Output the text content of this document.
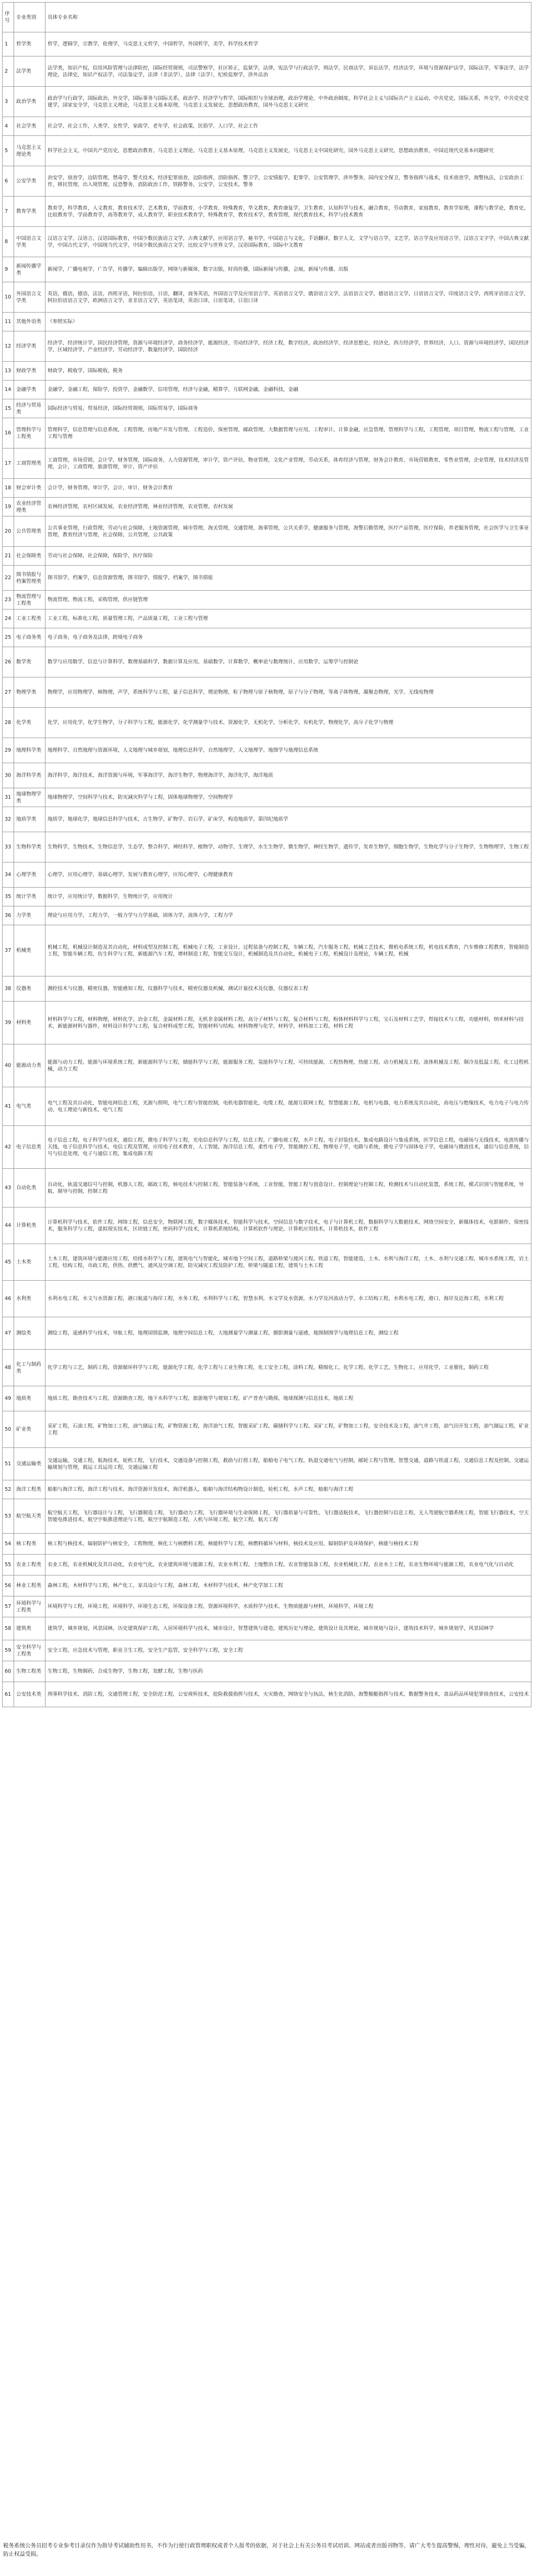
序号	专业类别	具体专业名称
1	哲学类	哲学，逻辑学，宗教学，伦理学，马克思主义哲学，中国哲学，外国哲学，美学，科学技术哲学
2	法学类	法学类，知识产权，信用风险管理与法律防控，国际经贸规则，司法警察学，社区矫正，监狱学，法律，宪法学与行政法学，刑法学，民商法学，诉讼法学，经济法学，环境与资源保护法学，国际法学，军事法学，法学理论，法律史，知识产权法学，司法鉴定学，法律（非法学），法律（法学），纪检监察学，涉外法治
3	政治学类	政治学与行政学，国际政治，外交学，国际事务与国际关系，政治学、经济学与哲学，国际组织与全球治理，政治学理论，中外政治制度，科学社会主义与国际共产主义运动，中共党史，国际关系，外交学，中共党史党建学，国家安全学，马克思主义理论，马克思主义基本原理，马克思主义发展史，思想政治教育，国外马克思主义研究
4	社会学类	社会学，社会工作，人类学，女性学，家政学，老年学，社会政策，民俗学，人口学，社会工作
5	马克思主义理论类	科学社会主义，中国共产党历史，思想政治教育，马克思主义理论，马克思主义基本原理，马克思主义发展史，马克思主义中国化研究，国外马克思主义研究，思想政治教育，中国近现代史基本问题研究
6	公安学类	治安学，侦查学，边防管理，禁毒学，警犬技术，经济犯罪侦查，边防指挥，消防指挥，警卫学，公安情报学，犯罪学，公安管理学，涉外警务，国内安全保卫，警务指挥与战术，技术侦查学，海警执法，公安政治工作，移民管理，出入境管理，反恐警务，消防政治工作，铁路警务，公安学，公安技术，警务
7	教育学类	教育学，科学教育，人文教育，教育技术学，艺术教育，学前教育，小学教育，特殊教育，华文教育，教育康复学，卫生教育，认知科学与技术，融合教育，劳动教育，家庭教育，教育学原理，课程与教学论，教育史，比较教育学，学前教育学，高等教育学，成人教育学，职业技术教育学，特殊教育学，教育技术学，教育管理，现代教育技术，科学与技术教育
8	中国语言文学类	汉语言文学，汉语言，汉语国际教育，中国少数民族语言文学，古典文献学，应用语言学，秘书学，中国语言与文化，手语翻译，数字人文，文学与语言学，文艺学，语言学及应用语言学，汉语言文字学，中国古典文献学，中国古代文学，中国现当代文学，中国少数民族语言文学，比较文学与世界文学，汉语国际教育，国际中文教育
9	新闻传播学类	新闻学，广播电视学，广告学，传播学，编辑出版学，网络与新媒体，数字出版，时尚传播，国际新闻与传播，会展，新闻与传播，出版
10	外国语言文学类	英语，俄语，德语，法语，西班牙语，阿拉伯语，日语，翻译，商务英语，外国语言学及应用语言学，英语语言文学，俄语语言文学，法语语言文学，德语语言文学，日语语言文学，印度语言文学，西班牙语语言文学，阿拉伯语语言文学，欧洲语言文学，亚非语言文学，英语笔译，英语口译，日语笔译，日语口译
11	其他外语类	（参照实际）
12	经济学类	经济学，经济统计学，国民经济管理，资源与环境经济学，商务经济学，能源经济，劳动经济学，经济工程，数字经济，政治经济学，经济思想史，经济史，西方经济学，世界经济，人口、资源与环境经济学，国民经济学，区域经济学，产业经济学，劳动经济学，数量经济学，国防经济
13	财政学类	财政学，税收学，国际税收，税务
14	金融学类	金融学，金融工程，保险学，投资学，金融数学，信用管理，经济与金融，精算学，互联网金融，金融科技，金融
15	经济与贸易类	国际经济与贸易，贸易经济，国际经贸规则，国际贸易学，国际商务
16	管理科学与工程类	管理科学，信息管理与信息系统，工程管理，房地产开发与管理，工程造价，保密管理，邮政管理，大数据管理与应用，工程审计，计算金融，应急管理，管理科学与工程，工程管理，项目管理，物流工程与管理，工业工程与管理
17	工商管理类	工商管理，市场营销，会计学，财务管理，国际商务，人力资源管理，审计学，资产评估，物业管理，文化产业管理，劳动关系，体育经济与管理，财务会计教育，市场营销教育，零售业管理，企业管理，技术经济及管理，会计，工商管理，旅游管理，审计，资产评估
18	财会审计类	会计学，财务管理，审计学，会计，审计，财务会计教育
19	农业经济管理类	农林经济管理，农村区域发展，农业经济管理，林业经济管理，农业管理，农村发展
20	公共管理类	公共事业管理，行政管理，劳动与社会保障，土地资源管理，城市管理，海关管理，交通管理，海事管理，公共关系学，健康服务与管理，海警后勤管理，医疗产品管理，医疗保险，养老服务管理，社会医学与卫生事业管理，教育经济与管理，社会保障，公共管理，公共政策
21	社会保障类	劳动与社会保障，社会保障，保险学，医疗保险
22	图书情报与档案管理类	图书馆学，档案学，信息资源管理，图书馆学，情报学，档案学，图书情报
23	物流管理与工程类	物流管理，物流工程，采购管理，供应链管理
24	工业工程类	工业工程，标准化工程，质量管理工程，产品质量工程，工业工程与管理
25	电子商务类	电子商务，电子商务及法律，跨境电子商务
26	数学类	数学与应用数学，信息与计算科学，数理基础科学，数据计算及应用，基础数学，计算数学，概率论与数理统计，应用数学，运筹学与控制论
27	物理学类	物理学，应用物理学，核物理，声学，系统科学与工程，量子信息科学，理论物理，粒子物理与原子核物理，原子与分子物理，等离子体物理，凝聚态物理，光学，无线电物理
28	化学类	化学，应用化学，化学生物学，分子科学与工程，能源化学，化学测量学与技术，资源化学，无机化学，分析化学，有机化学，物理化学，高分子化学与物理
29	地理科学类	地理科学，自然地理与资源环境，人文地理与城乡规划，地理信息科学，自然地理学，人文地理学，地图学与地理信息系统
30	海洋科学类	海洋科学，海洋技术，海洋资源与环境，军事海洋学，海洋生物学，物理海洋学，海洋化学，海洋地质
31	地球物理学类	地球物理学，空间科学与技术，防灾减灾科学与工程，固体地球物理学，空间物理学
32	地质学类	地质学，地球化学，地球信息科学与技术，古生物学，矿物学、岩石学、矿床学，构造地质学，第四纪地质学
33	生物科学类	生物科学，生物技术，生物信息学，生态学，整合科学，神经科学，植物学，动物学，生理学，水生生物学，微生物学，神经生物学，遗传学，发育生物学，细胞生物学，生物化学与分子生物学，生物物理学，生物工程
34	心理学类	心理学，应用心理学，基础心理学，发展与教育心理学，应用心理学，心理健康教育
35	统计学类	统计学，应用统计学，数据科学，生物统计学，应用统计
36	力学类	理论与应用力学，工程力学，一般力学与力学基础，固体力学，流体力学，工程力学
37	机械类	机械工程，机械设计制造及其自动化，材料成型及控制工程，机械电子工程，工业设计，过程装备与控制工程，车辆工程，汽车服务工程，机械工艺技术，微机电系统工程，机电技术教育，汽车维修工程教育，智能制造工程，智能车辆工程，仿生科学与工程，新能源汽车工程，增材制造工程，智能交互设计，机械制造及其自动化，机械电子工程，机械设计及理论，车辆工程，机械
38	仪器类	测控技术与仪器，精密仪器，智能感知工程，仪器科学与技术，精密仪器及机械，测试计量技术及仪器，仪器仪表工程
39	材料类	材料科学与工程，材料物理，材料化学，冶金工程，金属材料工程，无机非金属材料工程，高分子材料与工程，复合材料与工程，粉体材料科学与工程，宝石及材料工艺学，焊接技术与工程，功能材料，纳米材料与技术，新能源材料与器件，材料设计科学与工程，复合材料成型工程，智能材料与结构，材料物理与化学，材料学，材料加工工程，材料工程
40	能源动力类	能源与动力工程，能源与环境系统工程，新能源科学与工程，储能科学与工程，能源服务工程，氢能科学与工程，可持续能源，工程热物理，热能工程，动力机械及工程，流体机械及工程，制冷及低温工程，化工过程机械，动力工程
41	电气类	电气工程及其自动化，智能电网信息工程，光源与照明，电气工程与智能控制，电机电器智能化，电缆工程，能源互联网工程，智慧能源工程，电机与电器，电力系统及其自动化，高电压与绝缘技术，电力电子与电力传动，电工理论与新技术，电气工程
42	电子信息类	电子信息工程，电子科学与技术，通信工程，微电子科学与工程，光电信息科学与工程，信息工程，广播电视工程，水声工程，电子封装技术，集成电路设计与集成系统，医学信息工程，电磁场与无线技术，电波传播与天线，电子信息科学与技术，电信工程及管理，应用电子技术教育，人工智能，海洋信息工程，柔性电子学，智能测控工程，物理电子学，电路与系统，微电子学与固体电子学，电磁场与微波技术，通信与信息系统，信号与信息处理，电子与通信工程，集成电路工程
43	自动化类	自动化，轨道交通信号与控制，机器人工程，邮政工程，核电技术与控制工程，智能装备与系统，工业智能，智能工程与创意设计，控制理论与控制工程，检测技术与自动化装置，系统工程，模式识别与智能系统，导航、制导与控制，控制工程
44	计算机类	计算机科学与技术，软件工程，网络工程，信息安全，物联网工程，数字媒体技术，智能科学与技术，空间信息与数字技术，电子与计算机工程，数据科学与大数据技术，网络空间安全，新媒体技术，电影制作，保密技术，服务科学与工程，虚拟现实技术，区块链工程，密码科学与技术，计算机系统结构，计算机软件与理论，计算机应用技术，计算机技术，软件工程
45	土木类	土木工程，建筑环境与能源应用工程，给排水科学与工程，建筑电气与智能化，城市地下空间工程，道路桥梁与渡河工程，铁道工程，智能建造，土木、水利与海洋工程，土木、水利与交通工程，城市水系统工程，岩土工程，结构工程，市政工程，供热、供燃气、通风及空调工程，防灾减灾工程及防护工程，桥梁与隧道工程，建筑与土木工程
46	水利类	水利水电工程，水文与水资源工程，港口航道与海岸工程，水务工程，水利科学与工程，智慧水利，水文学及水资源，水力学及河流动力学，水工结构工程，水利水电工程，港口、海岸及近海工程，水利工程
47	测绘类	测绘工程，遥感科学与技术，导航工程，地理国情监测，地理空间信息工程，大地测量学与测量工程，摄影测量与遥感，地图制图学与地理信息工程，测绘工程
48	化工与制药类	化学工程与工艺，制药工程，资源循环科学与工程，能源化学工程，化学工程与工业生物工程，化工安全工程，涂料工程，精细化工，化学工程，化学工艺，生物化工，应用化学，工业催化，制药工程
49	地质类	地质工程，勘查技术与工程，资源勘查工程，地下水科学与工程，旅游地学与规划工程，矿产普查与勘探，地球探测与信息技术，地质工程
50	矿业类	采矿工程，石油工程，矿物加工工程，油气储运工程，矿物资源工程，海洋油气工程，智能采矿工程，碳储科学与工程，采矿工程，矿物加工工程，安全技术及工程，油气井工程，油气田开发工程，油气储运工程，矿业工程
51	交通运输类	交通运输，交通工程，航海技术，轮机工程，飞行技术，交通设备与控制工程，救助与打捞工程，船舶电子电气工程，轨道交通电气与控制，邮轮工程与管理，智慧交通，道路与铁道工程，交通信息工程及控制，交通运输规划与管理，载运工具运用工程，交通运输工程
52	海洋工程类	船舶与海洋工程，海洋工程与技术，海洋资源开发技术，海洋机器人，船舶与海洋结构物设计制造，轮机工程，水声工程，船舶与海洋工程
53	航空航天类	航空航天工程，飞行器设计与工程，飞行器制造工程，飞行器动力工程，飞行器环境与生命保障工程，飞行器质量与可靠性，飞行器适航技术，飞行器控制与信息工程，无人驾驶航空器系统工程，智能飞行器技术，空天智能电推进技术，航空宇航推进理论与工程，航空宇航制造工程，人机与环境工程，航空工程，航天工程
54	核工程类	核工程与核技术，辐射防护与核安全，工程物理，核化工与核燃料工程，核能科学与工程，核燃料循环与材料，核技术及应用，辐射防护及环境保护，核能与核技术工程
55	农业工程类	农业工程，农业机械化及其自动化，农业电气化，农业建筑环境与能源工程，农业水利工程，土地整治工程，农业智能装备工程，农业机械化工程，农业水土工程，农业生物环境与能源工程，农业电气化与自动化
56	林业工程类	森林工程，木材科学与工程，林产化工，家具设计与工程，森林工程，木材科学与技术，林产化学加工工程
57	环境科学与工程类	环境科学与工程，环境工程，环境科学，环境生态工程，环保设备工程，资源环境科学，水质科学与技术，生物质能源与材料，环境科学，环境工程
58	建筑类	建筑学，城乡规划，风景园林，历史建筑保护工程，人居环境科学与技术，城市设计，智慧建筑与建造，建筑历史与理论，建筑设计及其理论，城市规划与设计，建筑技术科学，城乡规划学，风景园林学
59	安全科学与工程类	安全工程，应急技术与管理，职业卫生工程，安全生产监管，安全科学与工程，安全工程
60	生物工程类	生物工程，生物制药，合成生物学，生物工程，发酵工程，生物与医药
61	公安技术类	刑事科学技术，消防工程，交通管理工程，安全防范工程，公安视听技术，抢险救援指挥与技术，火灾勘查，网络安全与执法，核生化消防，海警舰艇指挥与技术，数据警务技术，食品药品环境犯罪侦查技术，公安技术
税务系统公务员招考专业参考目录仅作为指导考试辅助性用书，不作为行使行政管理职权或者个人报考的依据，对于社会上有关公务员考试培训、网站或者出版刊物等，请广大考生提高警惕，理性对待，避免上当受骗，防止权益受损。
